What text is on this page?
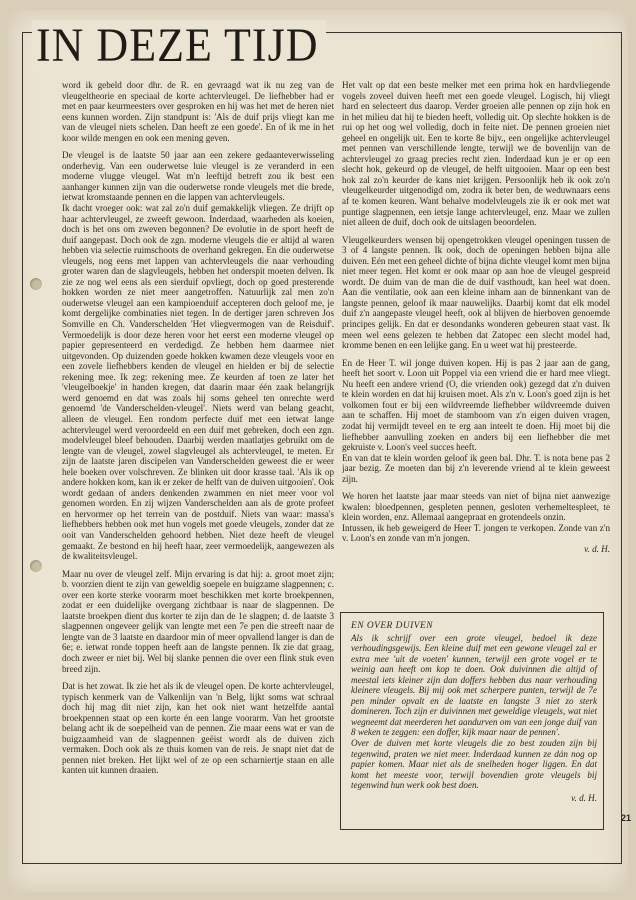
IN DEZE TIJD

word ik gebeld door dhr. de R. en gevraagd wat ik nu zeg van de vleugeltheorie en speciaal de korte achtervleugel. De liefhebber had er met en paar keurmeesters over gesproken en hij was het met de heren niet eens kunnen worden. Zijn standpunt is: 'Als de duif prijs vliegt kan me van de vleugel niets schelen. Dan heeft ze een goede'. En of ik me in het koor wilde mengen en ook een mening geven.

De vleugel is de laatste 50 jaar aan een zekere gedaanteverwisseling onderhevig. Van een ouderwetse luie vleugel is ze veranderd in een moderne vlugge vleugel. Wat m'n leeftijd betreft zou ik best een aanhanger kunnen zijn van die ouderwetse ronde vleugels met die brede, ietwat kromstaande pennen en die lappen van achtervleugels.

Ik dacht vroeger ook: wat zal zo'n duif gemakkelijk vliegen. Ze drijft op haar achtervleugel, ze zweeft gewoon. Inderdaad, waarheden als koeien, doch is het ons om zweven begonnen? De evolutie in de sport heeft de duif aangepast. Doch ook de zgn. moderne vleugels die er altijd al waren hebben via selectie ruimschoots de overhand gekregen. En die ouderwetse vleugels, nog eens met lappen van achtervleugels die naar verhouding groter waren dan de slagvleugels, hebben het onderspit moeten delven. Ik zie ze nog wel eens als een sierduif opvliegt, doch op goed presterende hokken worden ze niet meer aangetroffen. Natuurlijk zal men zo'n ouderwetse vleugel aan een kampioenduif accepteren doch geloof me, je komt dergelijke combinaties niet tegen. In de dertiger jaren schreven Jos Somville en Ch. Vanderschelden 'Het vliegvermogen van de Reisduif'. Vermoedelijk is door deze heren voor het eerst een moderne vleugel op papier gepresenteerd en verdedigd. Ze hebben hem daarmee niet uitgevonden. Op duizenden goede hokken kwamen deze vleugels voor en een zovele liefhebbers kenden de vleugel en hielden er bij de selectie rekening mee. Ik zeg: rekening mee. Ze keurden af toen ze later het 'vleugelboekje' in handen kregen, dat daarin maar één zaak belangrijk werd genoemd en dat was zoals hij soms geheel ten onrechte werd genoemd 'de Vanderschelden-vleugel'. Niets werd van belang geacht, alleen de vleugel. Een rondom perfecte duif met een ietwat lange achtervleugel werd veroordeeld en een duif met gebreken, doch een zgn. modelvleugel bleef behouden. Daarbij werden maatlatjes gebruikt om de lengte van de vleugel, zowel slagvleugel als achtervleugel, te meten. Er zijn de laatste jaren discipelen van Vanderschelden geweest die er weer hele boeken over volschreven. Ze blinken uit door krasse taal. 'Als ik op andere hokken kom, kan ik er zeker de helft van de duiven uitgooien'. Ook wordt gedaan of anders denkenden zwammen en niet meer voor vol genomen worden. En zij wijzen Vanderschelden aan als de grote profeet en hervormer op het terrein van de postduif. Niets van waar: massa's liefhebbers hebben ook met hun vogels met goede vleugels, zonder dat ze ooit van Vanderschelden gehoord hebben. Niet deze heeft de vleugel gemaakt. Ze bestond en hij heeft haar, zeer vermoedelijk, aangewezen als de kwaliteitsvleugel.

Maar nu over de vleugel zelf. Mijn ervaring is dat hij: a. groot moet zijn; b. voorzien dient te zijn van geweldig soepele en buigzame slagpennen; c. over een korte sterke voorarm moet beschikken met korte broekpennen, zodat er een duidelijke overgang zichtbaar is naar de slagpennen. De laatste broekpen dient dus korter te zijn dan de 1e slagpen; d. de laatste 3 slagpennen ongeveer gelijk van lengte met een 7e pen die streeft naar de lengte van de 3 laatste en daardoor min of meer opvallend langer is dan de 6e; e. ietwat ronde toppen heeft aan de langste pennen. Ik zie dat graag, doch zweer er niet bij. Wel bij slanke pennen die over een flink stuk even breed zijn.

Dat is het zowat. Ik zie het als ik de vleugel open. De korte achtervleugel, typisch kenmerk van de Valkenlijn van 'n Belg, lijkt soms wat schraal doch hij mag dit niet zijn, kan het ook niet want hetzelfde aantal broekpennen staat op een korte én een lange voorarm. Van het grootste belang acht ik de soepelheid van de pennen. Zie maar eens wat er van de buigzaamheid van de slagpennen geëist wordt als de duiven zich vermaken. Doch ook als ze thuis komen van de reis. Je snapt niet dat de pennen niet breken. Het lijkt wel of ze op een scharniertje staan en alle kanten uit kunnen draaien.

Het valt op dat een beste melker met een prima hok en hardvliegende vogels zoveel duiven heeft met een goede vleugel. Logisch, hij vliegt hard en selecteert dus daarop. Verder groeien alle pennen op zijn hok en in het milieu dat hij te bieden heeft, volledig uit. Op slechte hokken is de rui op het oog wel volledig, doch in feite niet. De pennen groeien niet geheel en ongelijk uit. Een te korte 8e bijv., een ongelijke achtervleugel met pennen van verschillende lengte, terwijl we de bovenlijn van de achtervleugel zo graag precies recht zien. Inderdaad kun je er op een slecht hok, gekeurd op de vleugel, de helft uitgooien. Maar op een best hok zal zo'n keurder de kans niet krijgen. Persoonlijk heb ik ook zo'n vleugelkeurder uitgenodigd om, zodra ik beter ben, de weduwnaars eens af te komen keuren. Want behalve modelvleugels zie ik er ook met wat puntige slagpennen, een ietsje lange achtervleugel, enz. Maar we zullen niet alleen de duif, doch ook de uitslagen beoordelen.

Vleugelkeurders wensen bij opengetrokken vleugel openingen tussen de 3 of 4 langste pennen. Ik ook, doch de openingen hebben bijna alle duiven. Eén met een geheel dichte of bijna dichte vleugel komt men bijna niet meer tegen. Het komt er ook maar op aan hoe de vleugel gespreid wordt. De duim van de man die de duif vasthoudt, kan heel wat doen. Aan die ventilatie, ook aan een kleine inham aan de binnenkant van de langste pennen, geloof ik maar nauwelijks. Daarbij komt dat elk model duif z'n aangepaste vleugel heeft, ook al blijven de hierboven genoemde principes gelijk. En dat er desondanks wonderen gebeuren staat vast. Ik meen wel eens gelezen te hebben dat Zatopec een slecht model had, kromme benen en een lelijke gang. En u weet wat hij presteerde.

En de Heer T. wil jonge duiven kopen. Hij is pas 2 jaar aan de gang, heeft het soort v. Loon uit Poppel via een vriend die er hard mee vliegt. Nu heeft een andere vriend (O, die vrienden ook) gezegd dat z'n duiven te klein worden en dat hij kruisen moet. Als z'n v. Loon's goed zijn is het volkomen fout er bij een wildvreemde liefhebber wildvreemde duiven aan te schaffen. Hij moet de stamboom van z'n eigen duiven vragen, zodat hij vermijdt teveel en te erg aan inteelt te doen. Hij moet bij die liefhebber aanvulling zoeken en anders bij een liefhebber die met gekruiste v. Loon's veel succes heeft.

En van dat te klein worden geloof ik geen bal. Dhr. T. is nota bene pas 2 jaar bezig. Ze moeten dan bij z'n leverende vriend al te klein geweest zijn.

We horen het laatste jaar maar steeds van niet of bijna niet aanwezige kwalen: bloedpennen, gespleten pennen, gesloten verhemeltespleet, te klein worden, enz. Allemaal aangepraat en grotendeels onzin.

Intussen, ik heb geweigerd de Heer T. jongen te verkopen. Zonde van z'n v. Loon's en zonde van m'n jongen.

v. d. H.

EN OVER DUIVEN

Als ik schrijf over een grote vleugel, bedoel ik deze verhoudingsgewijs. Een kleine duif met een gewone vleugel zal er extra mee 'uit de voeten' kunnen, terwijl een grote vogel er te weinig aan heeft om kop te doen. Ook duivinnen die altijd of meestal iets kleiner zijn dan doffers hebben dus naar verhouding kleinere vleugels. Bij mij ook met scherpere punten, terwijl de 7e pen minder opvalt en de laatste en langste 3 niet zo sterk domineren. Toch zijn er duivinnen met geweldige vleugels, wat niet wegneemt dat meerderen het aandurven om van een jonge duif van 8 weken te zeggen: een doffer, kijk maar naar de pennen'.

Over de duiven met korte vleugels die zo best zouden zijn bij tegenwind, praten we niet meer. Inderdaad kunnen ze dán nog op papier komen. Maar niet als de snelheden hoger liggen. En dat komt het meeste voor, terwijl bovendien grote vleugels bij tegenwind hun werk ook best doen.

v. d. H.

21
